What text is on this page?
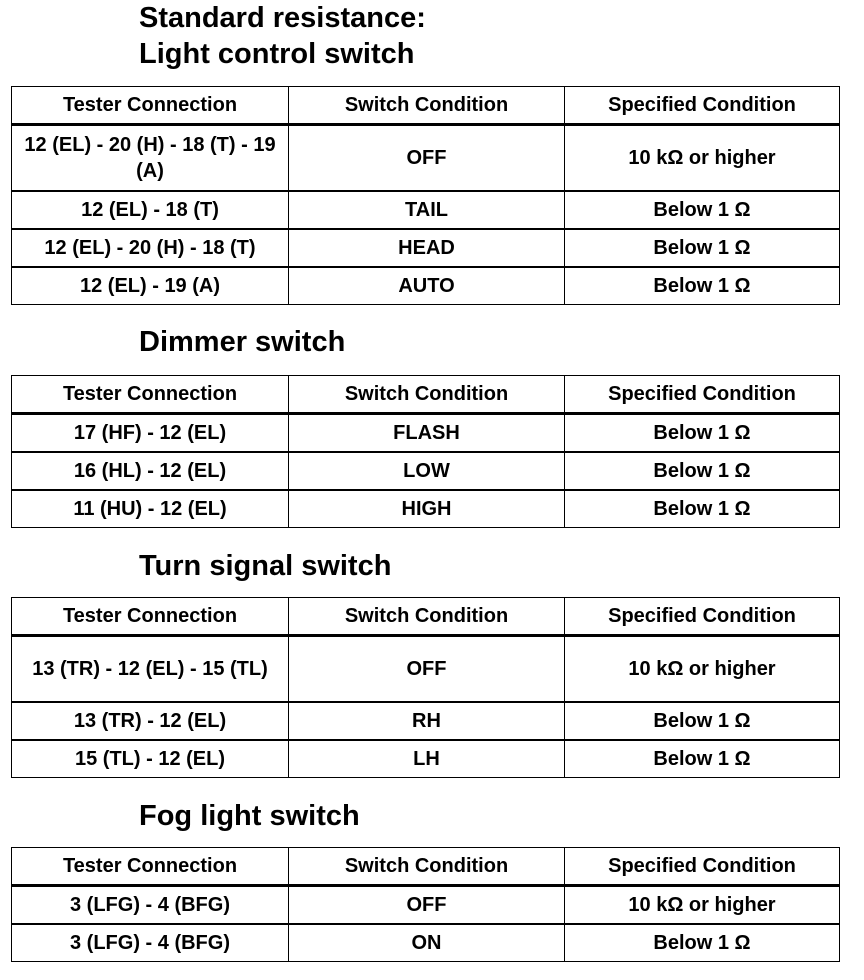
Standard resistance:
Light control switch
Tester Connection	Switch Condition	Specified Condition
12 (EL) - 20 (H) - 18 (T) - 19 (A)	OFF	10 kΩ or higher
12 (EL) - 18 (T)	TAIL	Below 1 Ω
12 (EL) - 20 (H) - 18 (T)	HEAD	Below 1 Ω
12 (EL) - 19 (A)	AUTO	Below 1 Ω
Dimmer switch
Tester Connection	Switch Condition	Specified Condition
17 (HF) - 12 (EL)	FLASH	Below 1 Ω
16 (HL) - 12 (EL)	LOW	Below 1 Ω
11 (HU) - 12 (EL)	HIGH	Below 1 Ω
Turn signal switch
Tester Connection	Switch Condition	Specified Condition
13 (TR) - 12 (EL) - 15 (TL)	OFF	10 kΩ or higher
13 (TR) - 12 (EL)	RH	Below 1 Ω
15 (TL) - 12 (EL)	LH	Below 1 Ω
Fog light switch
Tester Connection	Switch Condition	Specified Condition
3 (LFG) - 4 (BFG)	OFF	10 kΩ or higher
3 (LFG) - 4 (BFG)	ON	Below 1 Ω
